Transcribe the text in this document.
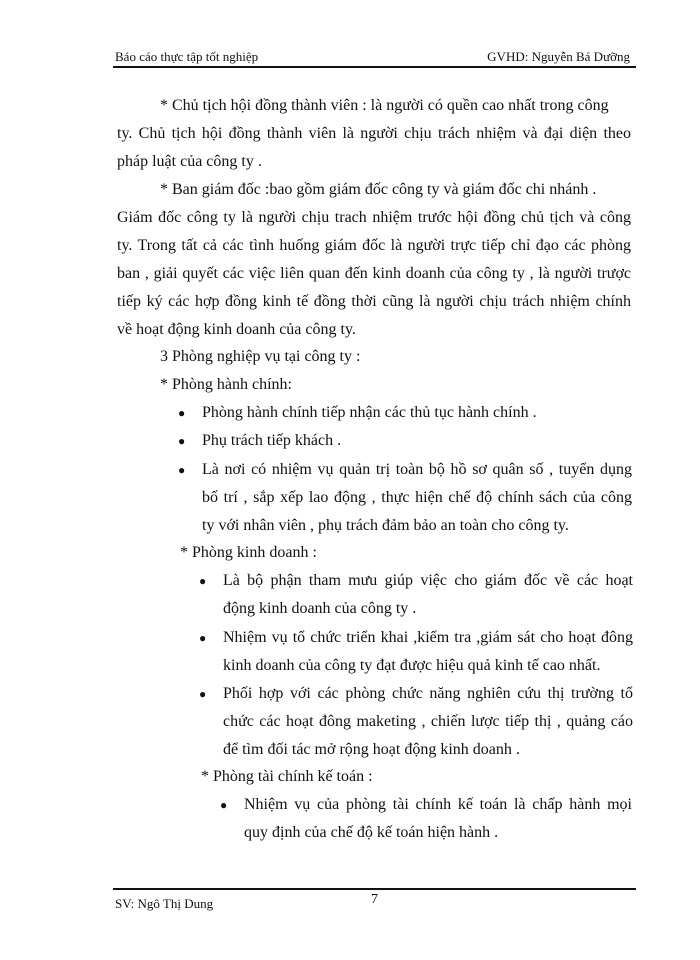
Báo cáo thực tập tốt nghiệp	GVHD: Nguyễn Bá Dưỡng
* Chủ tịch hội đồng thành viên : là người có quền cao nhất trong công
ty. Chủ tịch hội đồng thành viên là người chịu trách nhiệm và đại diện theo
pháp luật của công ty .
* Ban giám đốc :bao gồm giám đốc công ty và giám đốc chi nhánh .
Giám đốc công ty là người chịu trach nhiệm trước hội đồng chủ tịch và công
ty. Trong tất cả các tình huống giám đốc là người trực tiếp chỉ đạo các phòng
ban , giải quyết các việc liên quan đến kinh doanh của công ty , là người trược
tiếp ký các hợp đồng kinh tế đồng thời cũng là người chịu trách nhiệm chính
về hoạt động kinh doanh của công ty.
3 Phòng nghiệp vụ tại công ty :
* Phòng hành chính:
● Phòng hành chính tiếp nhận các thủ tục hành chính .
● Phụ trách tiếp khách .
● Là nơi có nhiệm vụ quản trị toàn bộ hồ sơ quân số , tuyển dụng
bố trí , sắp xếp lao động , thực hiện chế độ chính sách của công
ty với nhân viên , phụ trách đảm bảo an toàn cho công ty.
* Phòng kinh doanh :
● Là bộ phận tham mưu giúp việc cho giám đốc về các hoạt
động kinh doanh của công ty .
● Nhiệm vụ tổ chức triển khai ,kiểm tra ,giám sát cho hoạt đông
kinh doanh của công ty đạt được hiệu quả kinh tế cao nhất.
● Phối hợp với các phòng chức năng nghiên cứu thị trường tổ
chức các hoạt đông maketing , chiến lược tiếp thị , quảng cáo
để tìm đối tác mở rộng hoạt động kinh doanh .
* Phòng tài chính kế toán :
● Nhiệm vụ của phòng tài chính kế toán là chấp hành mọi
quy định của chế độ kế toán hiện hành .
SV: Ngô Thị Dung	7
